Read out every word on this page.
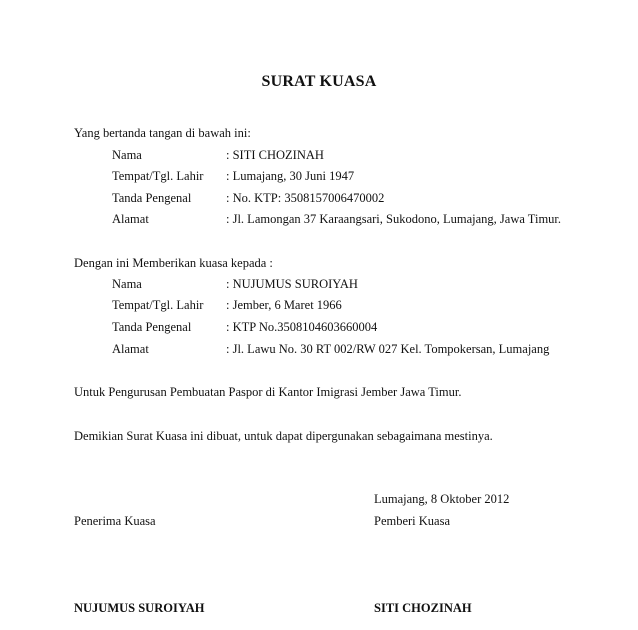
SURAT KUASA
Yang bertanda tangan di bawah ini:
Nama	: SITI CHOZINAH
Tempat/Tgl. Lahir : Lumajang, 30 Juni 1947
Tanda Pengenal	: No. KTP: 3508157006470002
Alamat	: Jl. Lamongan 37 Karaangsari, Sukodono, Lumajang, Jawa Timur.
Dengan ini Memberikan kuasa kepada :
Nama	: NUJUMUS SUROIYAH
Tempat/Tgl. Lahir : Jember, 6 Maret 1966
Tanda Pengenal	: KTP No.3508104603660004
Alamat	: Jl. Lawu No. 30 RT 002/RW 027 Kel. Tompokersan, Lumajang
Untuk Pengurusan Pembuatan Paspor di Kantor Imigrasi Jember Jawa Timur.
Demikian Surat Kuasa ini dibuat, untuk dapat dipergunakan sebagaimana mestinya.
Lumajang, 8 Oktober 2012
Penerima Kuasa	Pemberi Kuasa
NUJUMUS SUROIYAH	SITI CHOZINAH
